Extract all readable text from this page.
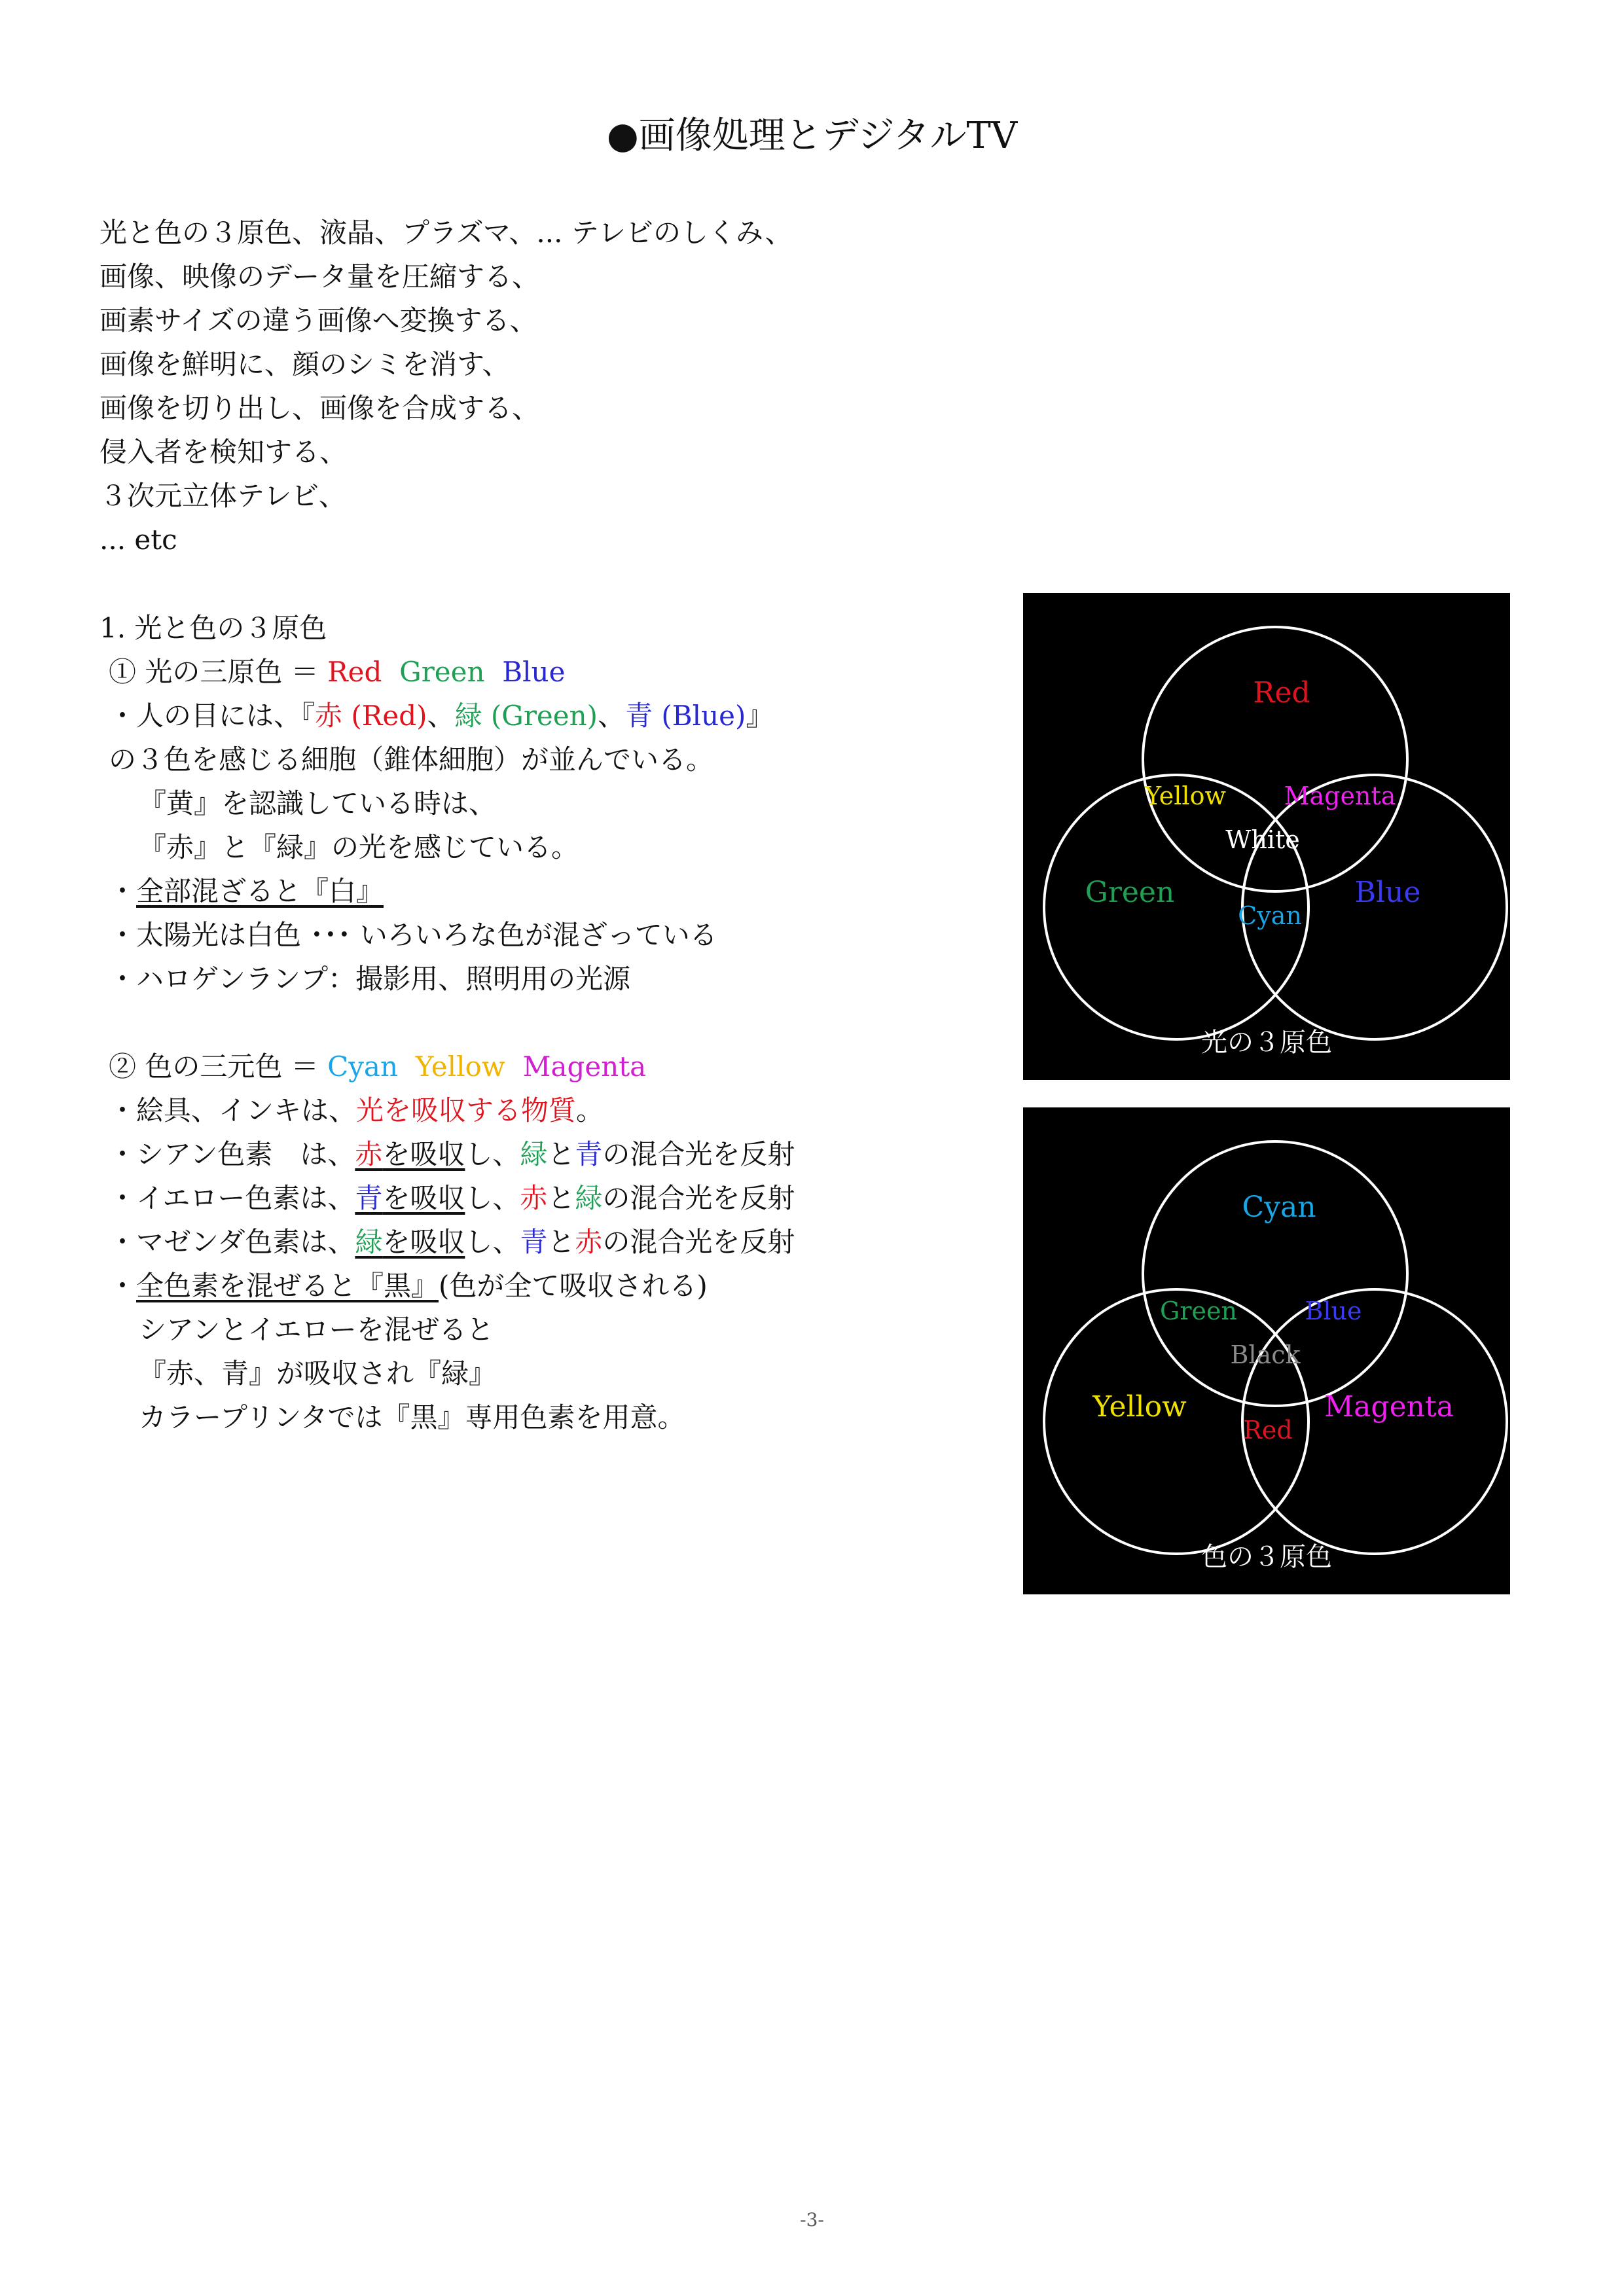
●画像処理とデジタルTV
光と色の３原色、液晶、プラズマ、... テレビのしくみ、
画像、映像のデータ量を圧縮する、
画素サイズの違う画像へ変換する、
画像を鮮明に、顔のシミを消す、
画像を切り出し、画像を合成する、
侵入者を検知する、
３次元立体テレビ、
... etc
1. 光と色の３原色
① 光の三原色 ＝ Red Green Blue
・人の目には、『赤 (Red)、緑 (Green)、青 (Blue)』
の３色を感じる細胞（錐体細胞）が並んでいる。
『黄』を認識している時は、
『赤』と『緑』の光を感じている。
・全部混ざると『白』
・太陽光は白色 ･･･ いろいろな色が混ざっている
・ハロゲンランプ：撮影用、照明用の光源
② 色の三元色 ＝ Cyan Yellow Magenta
・絵具、インキは、光を吸収する物質。
・シアン色素　は、赤を吸収し、緑と青の混合光を反射
・イエロー色素は、青を吸収し、赤と緑の混合光を反射
・マゼンダ色素は、緑を吸収し、青と赤の混合光を反射
・全色素を混ぜると『黒』(色が全て吸収される)
シアンとイエローを混ぜると
『赤、青』が吸収され『緑』
カラープリンタでは『黒』専用色素を用意。
Red
Green	Blue
Yellow Magenta
Cyan
White
光の３原色
Cyan
Yellow	Magenta
Green	Blue
Red
Black
色の３原色
-3-
